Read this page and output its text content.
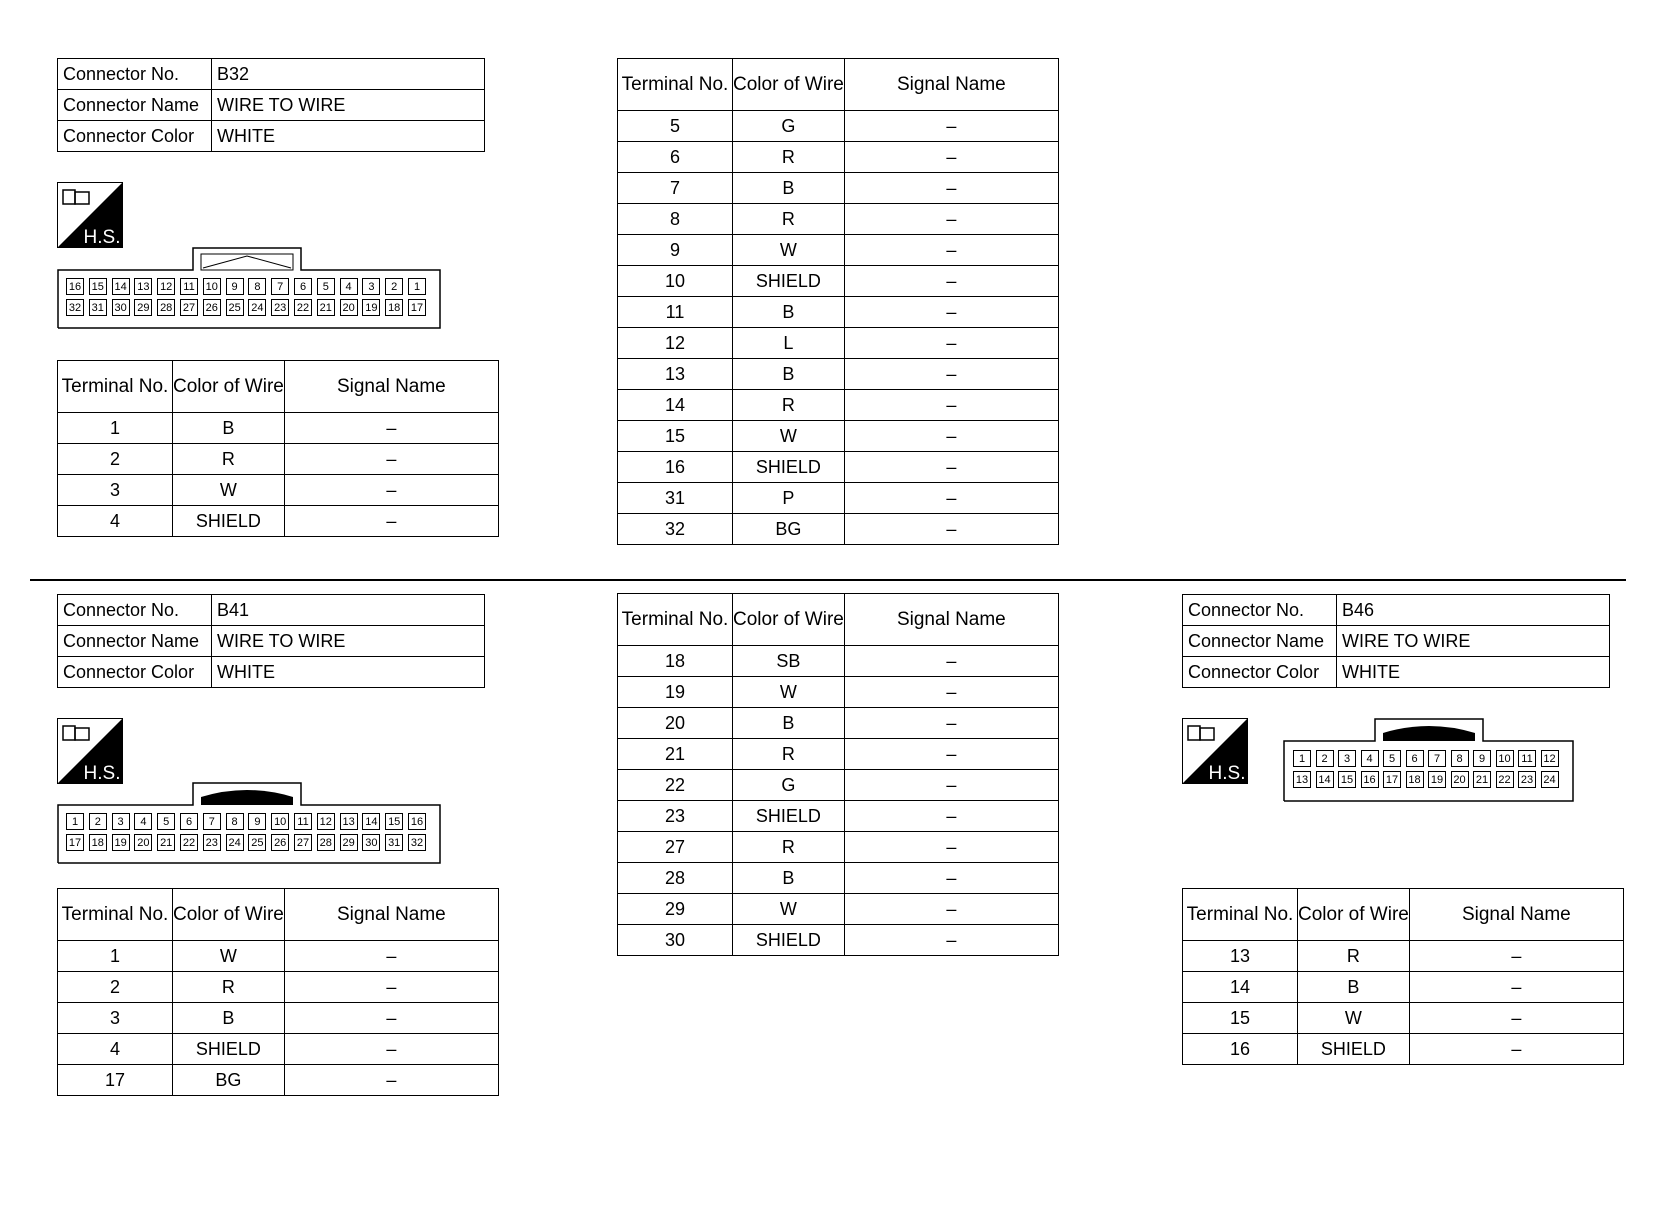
Connector No.	B32
Connector Name	WIRE TO WIRE
Connector Color	WHITE
H.S.
16 15 14 13 12 11 10	9	8	7	6	5	4	3	2	1
32 31 30 29 28 27 26 25 24 23 22 21 20 19 18 17
Terminal No.	Color of Wire	Signal Name
1	B	–
2	R	–
3	W	–
4	SHIELD	–
Terminal No.	Color of Wire	Signal Name
5	G	–
6	R	–
7	B	–
8	R	–
9	W	–
10	SHIELD	–
11	B	–
12	L	–
13	B	–
14	R	–
15	W	–
16	SHIELD	–
31	P	–
32	BG	–
Connector No.	B41
Connector Name	WIRE TO WIRE
Connector Color	WHITE
H.S.
1	2	3	4	5	6	7	8	9	10 11 12 13 14 15 16
17 18 19 20 21 22 23 24 25 26 27 28 29 30 31 32
Terminal No.	Color of Wire	Signal Name
1	W	–
2	R	–
3	B	–
4	SHIELD	–
17	BG	–
Terminal No.	Color of Wire	Signal Name
18	SB	–
19	W	–
20	B	–
21	R	–
22	G	–
23	SHIELD	–
27	R	–
28	B	–
29	W	–
30	SHIELD	–
Connector No.	B46
Connector Name	WIRE TO WIRE
Connector Color	WHITE
H.S.
1	2	3	4	5	6	7	8	9	10 11 12
13 14 15 16 17 18 19 20 21 22 23 24
Terminal No.	Color of Wire	Signal Name
13	R	–
14	B	–
15	W	–
16	SHIELD	–
